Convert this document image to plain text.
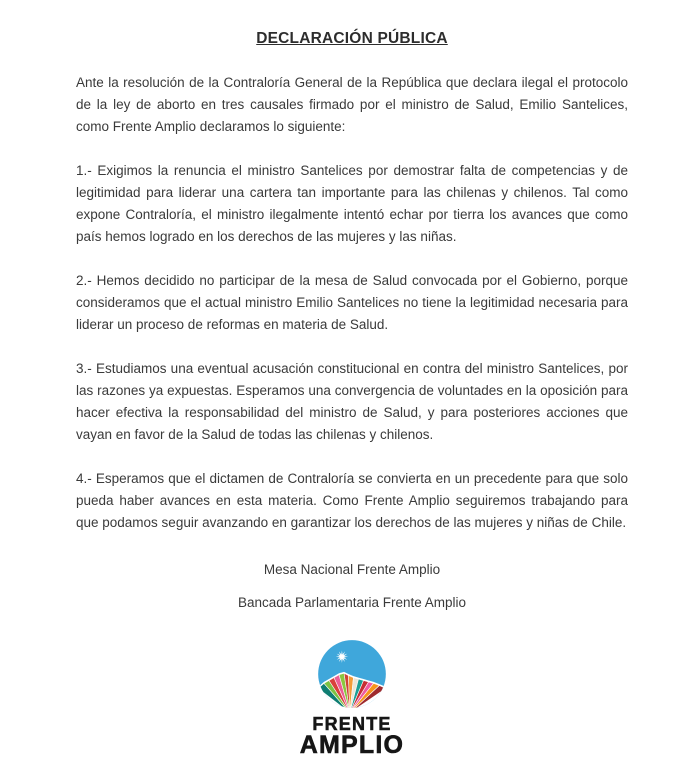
DECLARACIÓN PÚBLICA

Ante la resolución de la Contraloría General de la República que declara ilegal el protocolo de la ley de aborto en tres causales firmado por el ministro de Salud, Emilio Santelices, como Frente Amplio declaramos lo siguiente:

1.- Exigimos la renuncia el ministro Santelices por demostrar falta de competencias y de legitimidad para liderar una cartera tan importante para las chilenas y chilenos. Tal como expone Contraloría, el ministro ilegalmente intentó echar por tierra los avances que como país hemos logrado en los derechos de las mujeres y las niñas.

2.- Hemos decidido no participar de la mesa de Salud convocada por el Gobierno, porque consideramos que el actual ministro Emilio Santelices no tiene la legitimidad necesaria para liderar un proceso de reformas en materia de Salud.

3.- Estudiamos una eventual acusación constitucional en contra del ministro Santelices, por las razones ya expuestas. Esperamos una convergencia de voluntades en la oposición para hacer efectiva la responsabilidad del ministro de Salud, y para posteriores acciones que vayan en favor de la Salud de todas las chilenas y chilenos.

4.- Esperamos que el dictamen de Contraloría se convierta en un precedente para que solo pueda haber avances en esta materia. Como Frente Amplio seguiremos trabajando para que podamos seguir avanzando en garantizar los derechos de las mujeres y niñas de Chile.

Mesa Nacional Frente Amplio

Bancada Parlamentaria Frente Amplio

FRENTE
AMPLIO
